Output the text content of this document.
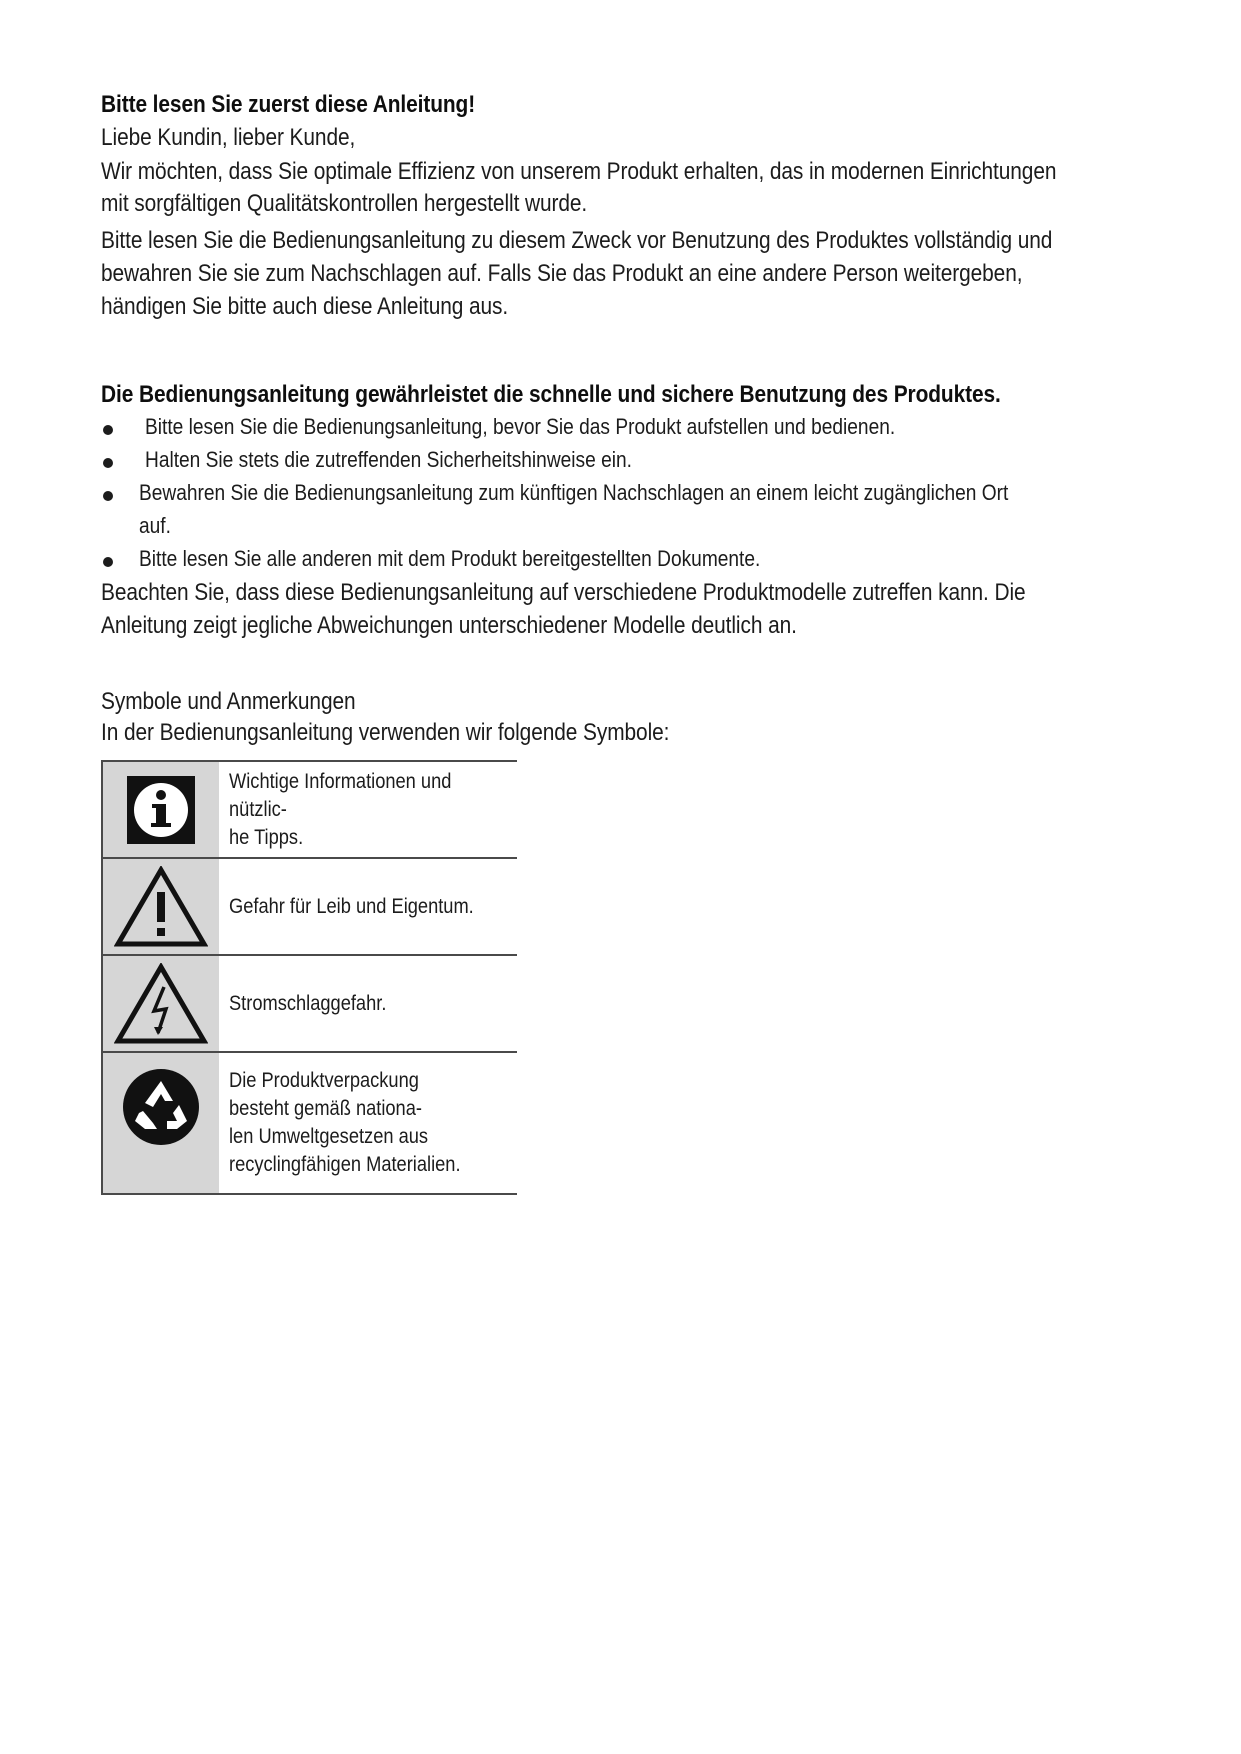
Bitte lesen Sie zuerst diese Anleitung!
Liebe Kundin, lieber Kunde,
Wir möchten, dass Sie optimale Effizienz von unserem Produkt erhalten, das in modernen Einrichtungen
mit sorgfältigen Qualitätskontrollen hergestellt wurde.
Bitte lesen Sie die Bedienungsanleitung zu diesem Zweck vor Benutzung des Produktes vollständig und
bewahren Sie sie zum Nachschlagen auf. Falls Sie das Produkt an eine andere Person weitergeben,
händigen Sie bitte auch diese Anleitung aus.
Die Bedienungsanleitung gewährleistet die schnelle und sichere Benutzung des Produktes.
Bitte lesen Sie die Bedienungsanleitung, bevor Sie das Produkt aufstellen und bedienen.
Halten Sie stets die zutreffenden Sicherheitshinweise ein.
Bewahren Sie die Bedienungsanleitung zum künftigen Nachschlagen an einem leicht zugänglichen Ort
auf.
Bitte lesen Sie alle anderen mit dem Produkt bereitgestellten Dokumente.
Beachten Sie, dass diese Bedienungsanleitung auf verschiedene Produktmodelle zutreffen kann. Die
Anleitung zeigt jegliche Abweichungen unterschiedener Modelle deutlich an.
Symbole und Anmerkungen
In der Bedienungsanleitung verwenden wir folgende Symbole:
Wichtige Informationen und nützlic-
he Tipps.
Gefahr für Leib und Eigentum.
Stromschlaggefahr.
Die Produktverpackung
besteht gemäß nationa-
len Umweltgesetzen aus
recyclingfähigen Materialien.
